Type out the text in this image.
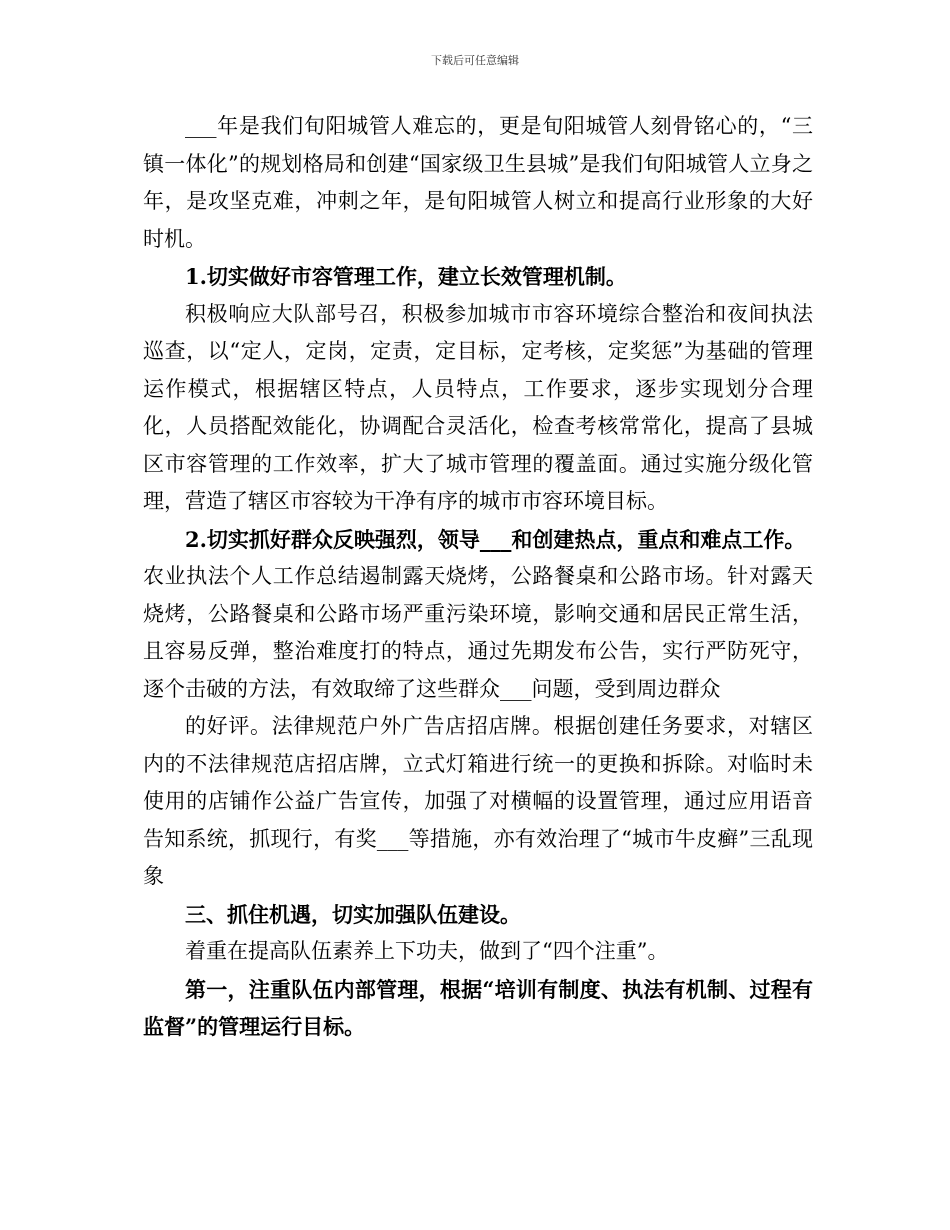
下载后可任意编辑

___年是我们旬阳城管人难忘的，更是旬阳城管人刻骨铭心的，“三镇一体化”的规划格局和创建“国家级卫生县城”是我们旬阳城管人立身之年，是攻坚克难，冲刺之年，是旬阳城管人树立和提高行业形象的大好时机。

1.切实做好市容管理工作，建立长效管理机制。

积极响应大队部号召，积极参加城市市容环境综合整治和夜间执法巡查，以“定人，定岗，定责，定目标，定考核，定奖惩”为基础的管理运作模式，根据辖区特点，人员特点，工作要求，逐步实现划分合理化，人员搭配效能化，协调配合灵活化，检查考核常常化，提高了县城区市容管理的工作效率，扩大了城市管理的覆盖面。通过实施分级化管理，营造了辖区市容较为干净有序的城市市容环境目标。

2.切实抓好群众反映强烈，领导___和创建热点，重点和难点工作。

农业执法个人工作总结遏制露天烧烤，公路餐桌和公路市场。针对露天烧烤，公路餐桌和公路市场严重污染环境，影响交通和居民正常生活，且容易反弹，整治难度打的特点，通过先期发布公告，实行严防死守，逐个击破的方法，有效取缔了这些群众___问题，受到周边群众

的好评。法律规范户外广告店招店牌。根据创建任务要求，对辖区内的不法律规范店招店牌，立式灯箱进行统一的更换和拆除。对临时未使用的店铺作公益广告宣传，加强了对横幅的设置管理，通过应用语音告知系统，抓现行，有奖___等措施，亦有效治理了“城市牛皮癣”三乱现象

三、抓住机遇，切实加强队伍建设。

着重在提高队伍素养上下功夫，做到了“四个注重”。

第一，注重队伍内部管理，根据“培训有制度、执法有机制、过程有监督”的管理运行目标。
